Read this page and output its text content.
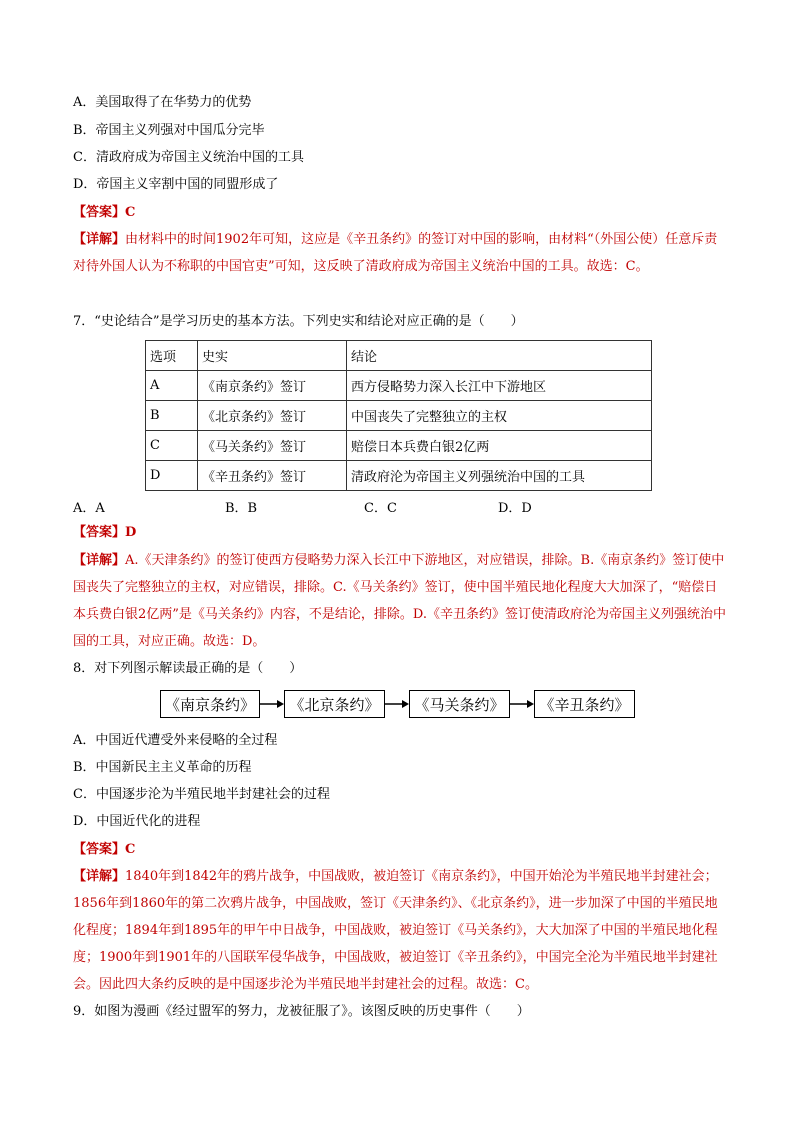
A．美国取得了在华势力的优势
B．帝国主义列强对中国瓜分完毕
C．清政府成为帝国主义统治中国的工具
D．帝国主义宰割中国的同盟形成了
【答案】C
【详解】由材料中的时间1902年可知，这应是《辛丑条约》的签订对中国的影响，由材料“（外国公使）任意斥责对待外国人认为不称职的中国官吏”可知，这反映了清政府成为帝国主义统治中国的工具。故选：C。
7．“史论结合”是学习历史的基本方法。下列史实和结论对应正确的是（　　）
选项	史实	结论
A	《南京条约》签订	西方侵略势力深入长江中下游地区
B	《北京条约》签订	中国丧失了完整独立的主权
C	《马关条约》签订	赔偿日本兵费白银2亿两
D	《辛丑条约》签订	清政府沦为帝国主义列强统治中国的工具
A．A	B．B	C．C	D．D
【答案】D
【详解】A.《天津条约》的签订使西方侵略势力深入长江中下游地区，对应错误，排除。B.《南京条约》签订使中国丧失了完整独立的主权，对应错误，排除。C.《马关条约》签订，使中国半殖民地化程度大大加深了，“赔偿日本兵费白银2亿两”是《马关条约》内容，不是结论，排除。D.《辛丑条约》签订使清政府沦为帝国主义列强统治中国的工具，对应正确。故选：D。
8．对下列图示解读最正确的是（　　）
《南京条约》	《北京条约》	《马关条约》	《辛丑条约》
A．中国近代遭受外来侵略的全过程
B．中国新民主主义革命的历程
C．中国逐步沦为半殖民地半封建社会的过程
D．中国近代化的进程
【答案】C
【详解】1840年到1842年的鸦片战争，中国战败，被迫签订《南京条约》，中国开始沦为半殖民地半封建社会；1856年到1860年的第二次鸦片战争，中国战败，签订《天津条约》、《北京条约》，进一步加深了中国的半殖民地化程度；1894年到1895年的甲午中日战争，中国战败，被迫签订《马关条约》，大大加深了中国的半殖民地化程度；1900年到1901年的八国联军侵华战争，中国战败，被迫签订《辛丑条约》，中国完全沦为半殖民地半封建社会。因此四大条约反映的是中国逐步沦为半殖民地半封建社会的过程。故选：C。
9．如图为漫画《经过盟军的努力，龙被征服了》。该图反映的历史事件（　　）
